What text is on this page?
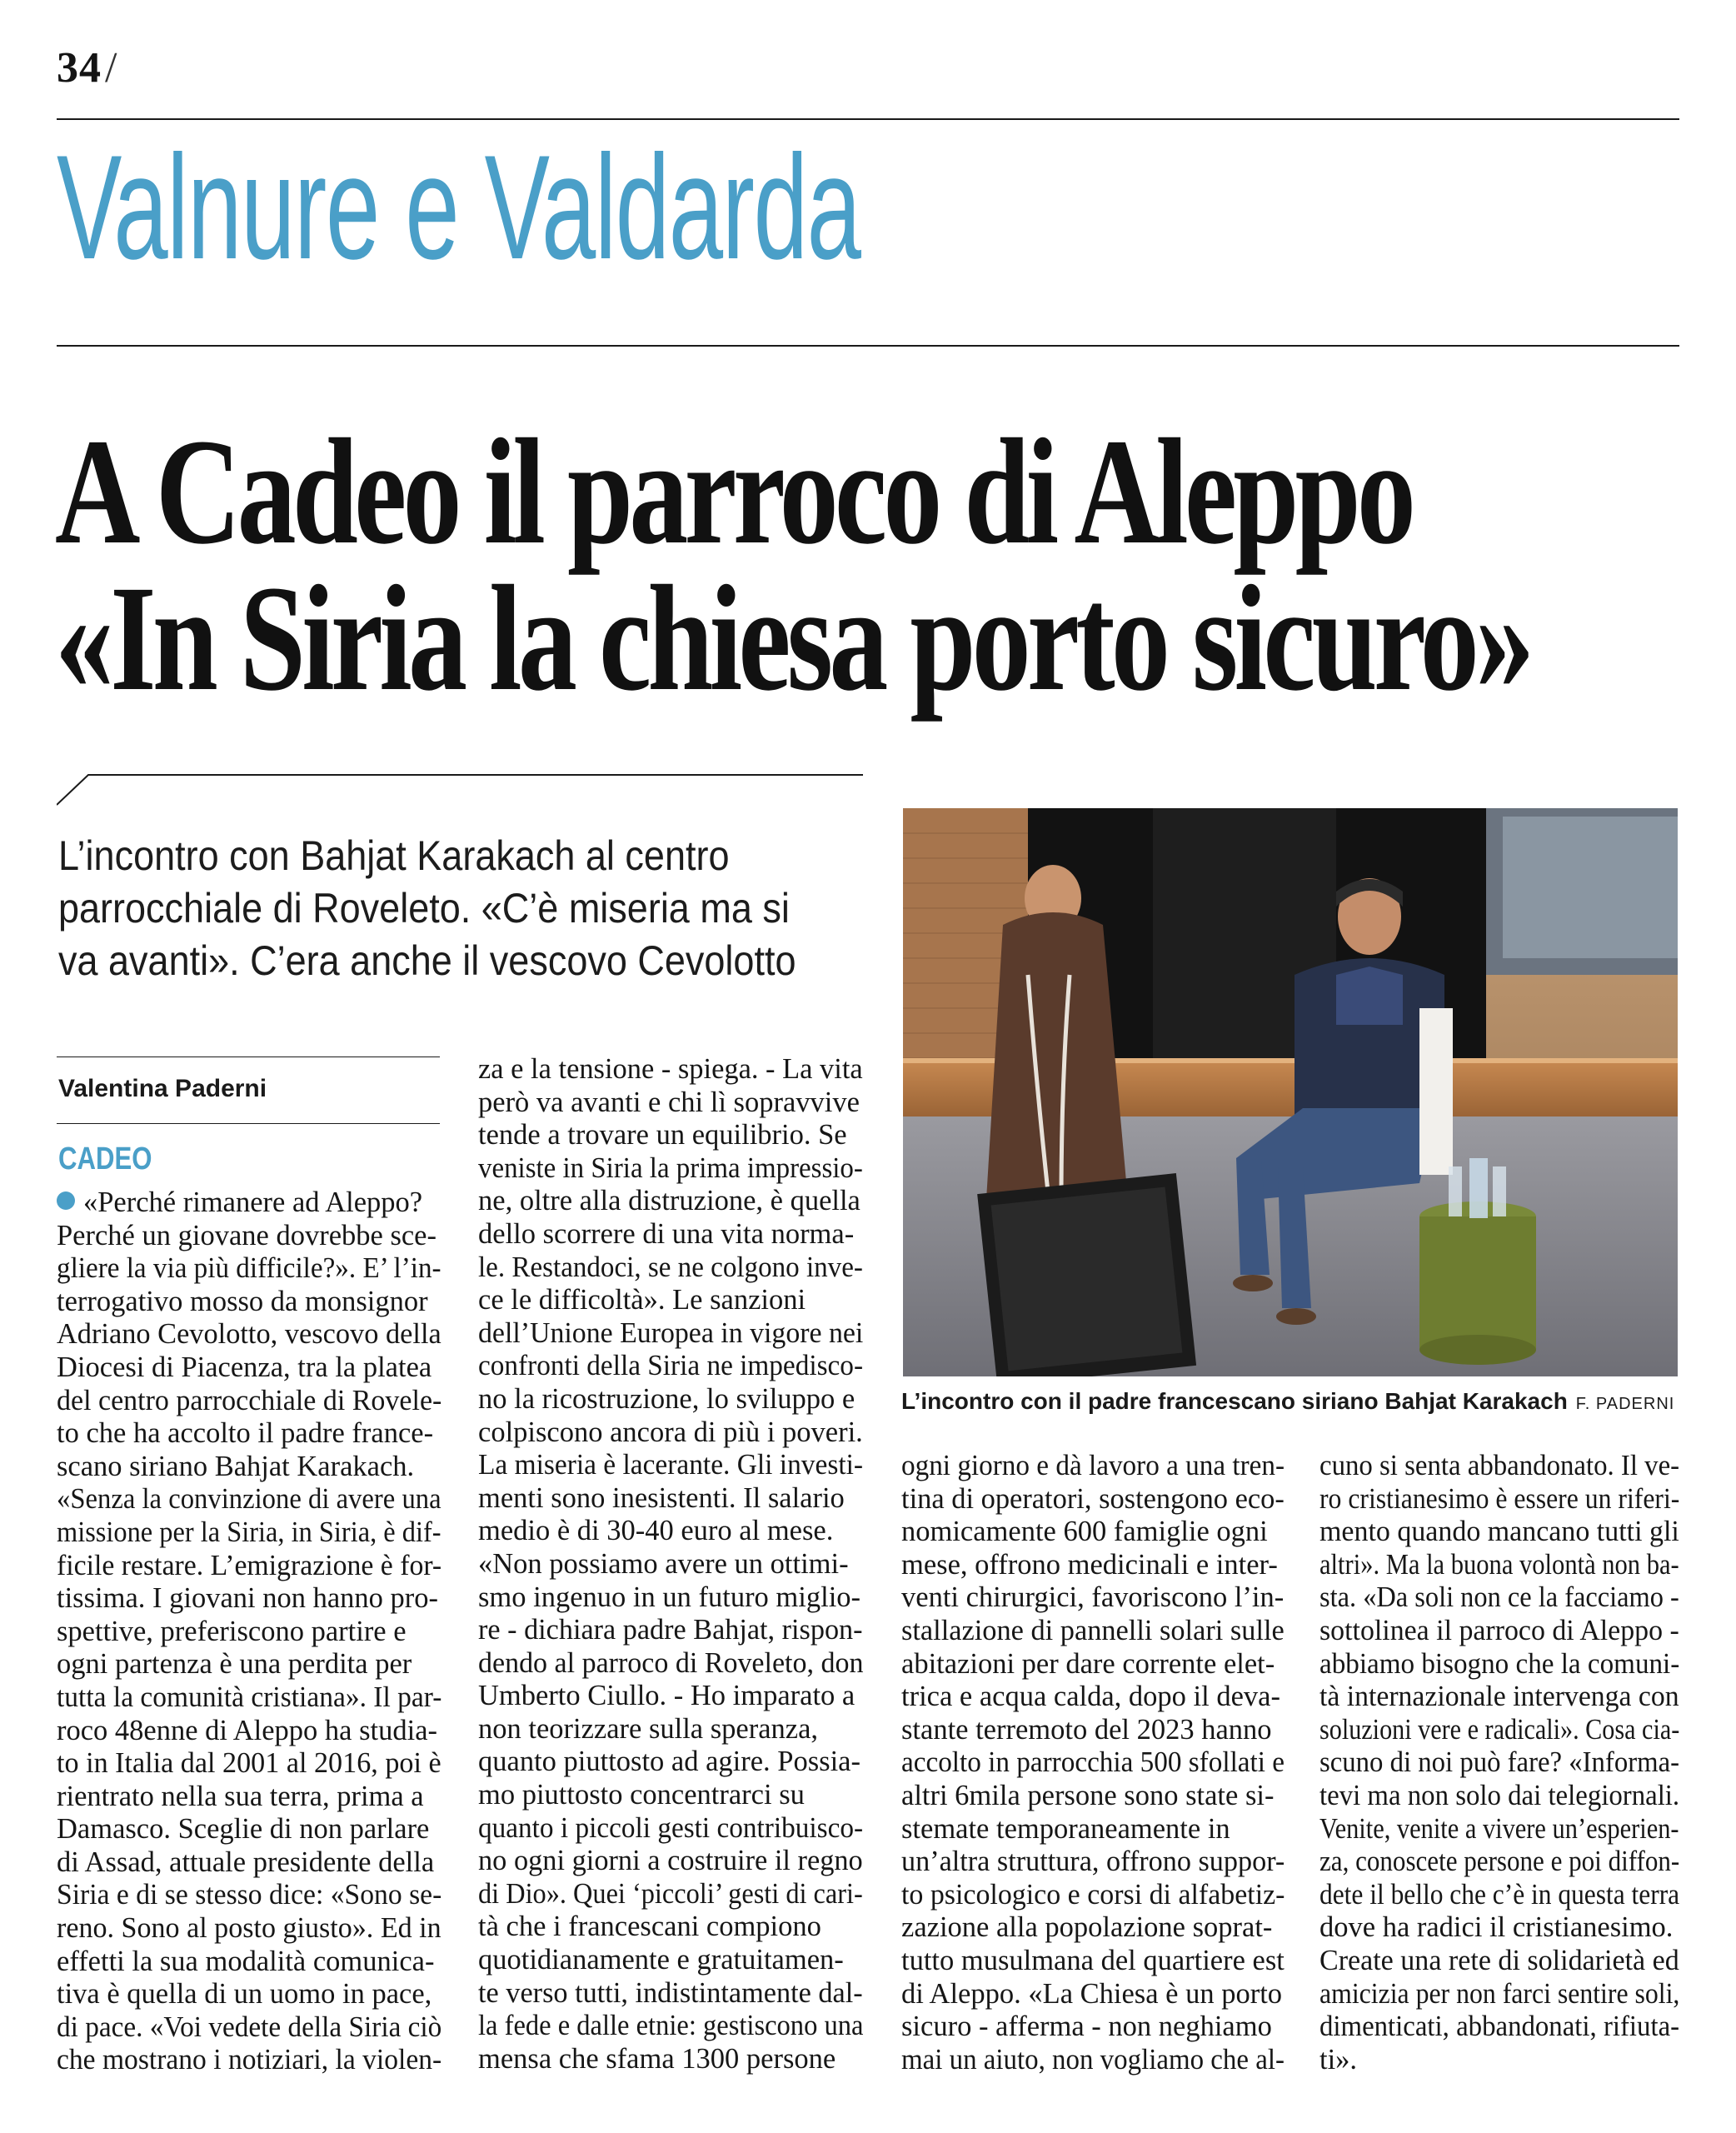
34/
Valnure e Valdarda
A Cadeo il parroco di Aleppo
«In Siria la chiesa porto sicuro»

L’incontro con Bahjat Karakach al centro

parrocchiale di Roveleto. «C’è miseria ma si

va avanti». C’era anche il vescovo Cevolotto

Valentina Paderni
CADEO
«Perché rimanere ad Aleppo?
Perché un giovane dovrebbe sce-
gliere la via più difficile?». E’ l’in-
terrogativo mosso da monsignor
Adriano Cevolotto, vescovo della
Diocesi di Piacenza, tra la platea
del centro parrocchiale di Rovele-
to che ha accolto il padre france-
scano siriano Bahjat Karakach.
«Senza la convinzione di avere una
missione per la Siria, in Siria, è dif-
ficile restare. L’emigrazione è for-
tissima. I giovani non hanno pro-
spettive, preferiscono partire e
ogni partenza è una perdita per
tutta la comunità cristiana». Il par-
roco 48enne di Aleppo ha studia-
to in Italia dal 2001 al 2016, poi è
rientrato nella sua terra, prima a
Damasco. Sceglie di non parlare
di Assad, attuale presidente della
Siria e di se stesso dice: «Sono se-
reno. Sono al posto giusto». Ed in
effetti la sua modalità comunica-
tiva è quella di un uomo in pace,
di pace. «Voi vedete della Siria ciò
che mostrano i notiziari, la violen-
za e la tensione - spiega. - La vita
però va avanti e chi lì sopravvive
tende a trovare un equilibrio. Se
veniste in Siria la prima impressio-
ne, oltre alla distruzione, è quella
dello scorrere di una vita norma-
le. Restandoci, se ne colgono inve-
ce le difficoltà». Le sanzioni
dell’Unione Europea in vigore nei
confronti della Siria ne impedisco-
no la ricostruzione, lo sviluppo e
colpiscono ancora di più i poveri.
La miseria è lacerante. Gli investi-
menti sono inesistenti. Il salario
medio è di 30-40 euro al mese.
«Non possiamo avere un ottimi-
smo ingenuo in un futuro miglio-
re - dichiara padre Bahjat, rispon-
dendo al parroco di Roveleto, don
Umberto Ciullo. - Ho imparato a
non teorizzare sulla speranza,
quanto piuttosto ad agire. Possia-
mo piuttosto concentrarci su
quanto i piccoli gesti contribuisco-
no ogni giorni a costruire il regno
di Dio». Quei ‘piccoli’ gesti di cari-
tà che i francescani compiono
quotidianamente e gratuitamen-
te verso tutti, indistintamente dal-
la fede e dalle etnie: gestiscono una
mensa che sfama 1300 persone
ogni giorno e dà lavoro a una tren-
tina di operatori, sostengono eco-
nomicamente 600 famiglie ogni
mese, offrono medicinali e inter-
venti chirurgici, favoriscono l’in-
stallazione di pannelli solari sulle
abitazioni per dare corrente elet-
trica e acqua calda, dopo il deva-
stante terremoto del 2023 hanno
accolto in parrocchia 500 sfollati e
altri 6mila persone sono state si-
stemate temporaneamente in
un’altra struttura, offrono suppor-
to psicologico e corsi di alfabetiz-
zazione alla popolazione soprat-
tutto musulmana del quartiere est
di Aleppo. «La Chiesa è un porto
sicuro - afferma - non neghiamo
mai un aiuto, non vogliamo che al-
cuno si senta abbandonato. Il ve-
ro cristianesimo è essere un riferi-
mento quando mancano tutti gli
altri». Ma la buona volontà non ba-
sta. «Da soli non ce la facciamo -
sottolinea il parroco di Aleppo -
abbiamo bisogno che la comuni-
tà internazionale intervenga con
soluzioni vere e radicali». Cosa cia-
scuno di noi può fare? «Informa-
tevi ma non solo dai telegiornali.
Venite, venite a vivere un’esperien-
za, conoscete persone e poi diffon-
dete il bello che c’è in questa terra
dove ha radici il cristianesimo.
Create una rete di solidarietà ed
amicizia per non farci sentire soli,
dimenticati, abbandonati, rifiuta-
ti».
L’incontro con il padre francescano siriano Bahjat Karakach F. PADERNI
